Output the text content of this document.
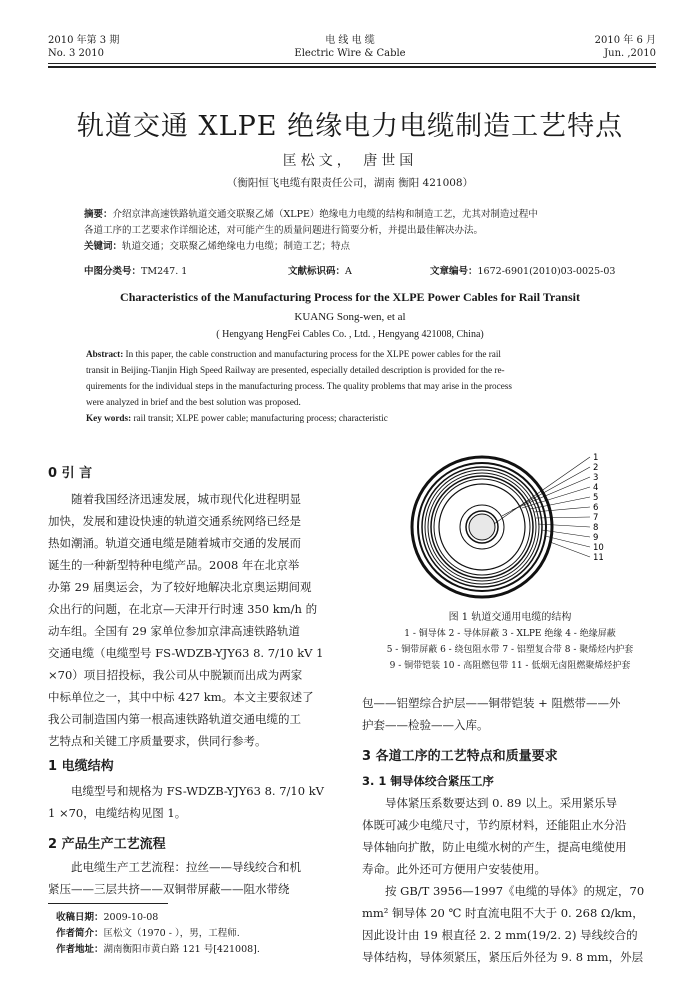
2010 年第 3 期
No. 3 2010
电 线 电 缆
Electric Wire & Cable
2010 年 6 月
Jun. ,2010
轨道交通 XLPE 绝缘电力电缆制造工艺特点
匡松文， 唐世国
（衡阳恒飞电缆有限责任公司，湖南 衡阳 421008）
摘要：介绍京津高速铁路轨道交通交联聚乙烯（XLPE）绝缘电力电缆的结构和制造工艺，尤其对制造过程中
各道工序的工艺要求作详细论述，对可能产生的质量问题进行简要分析，并提出最佳解决办法。
关键词：轨道交通；交联聚乙烯绝缘电力电缆；制造工艺；特点
中图分类号：TM247. 1	文献标识码：A	文章编号：1672-6901(2010)03-0025-03
Characteristics of the Manufacturing Process for the XLPE Power Cables for Rail Transit
KUANG Song-wen, et al
( Hengyang HengFei Cables Co. , Ltd. , Hengyang 421008, China)
Abstract: In this paper, the cable construction and manufacturing process for the XLPE power cables for the rail
transit in Beijing-Tianjin High Speed Railway are presented, especially detailed description is provided for the re-
quirements for the individual steps in the manufacturing process. The quality problems that may arise in the process
were analyzed in brief and the best solution was proposed.
Key words: rail transit; XLPE power cable; manufacturing process; characteristic
0 引 言
随着我国经济迅速发展，城市现代化进程明显
加快，发展和建设快速的轨道交通系统网络已经是
热如潮涌。轨道交通电缆是随着城市交通的发展而
诞生的一种新型特种电缆产品。2008 年在北京举
办第 29 届奥运会，为了较好地解决北京奥运期间观
众出行的问题，在北京—天津开行时速 350 km/h 的
动车组。全国有 29 家单位参加京津高速铁路轨道
交通电缆（电缆型号 FS-WDZB-YJY63 8. 7/10 kV 1
×70）项目招投标，我公司从中脱颖而出成为两家
中标单位之一，其中中标 427 km。本文主要叙述了
我公司制造国内第一根高速铁路轨道交通电缆的工
艺特点和关键工序质量要求，供同行参考。
1 电缆结构
电缆型号和规格为 FS-WDZB-YJY63 8. 7/10 kV
1 ×70，电缆结构见图 1。
2 产品生产工艺流程
此电缆生产工艺流程：拉丝——导线绞合和机
紧压——三层共挤——双铜带屏蔽——阻水带绕
收稿日期：2009-10-08
作者简介：匡松文（1970 - ），男，工程师.
作者地址：湖南衡阳市黄白路 121 号[421008].
1
2
3
4
5
6
7
8
9
10
11
图 1 轨道交通用电缆的结构
1 - 铜导体 2 - 导体屏蔽 3 - XLPE 绝缘 4 - 绝缘屏蔽
5 - 铜带屏蔽 6 - 绕包阻水带 7 - 铝塑复合带 8 - 聚烯烃内护套
9 - 铜带铠装 10 - 高阻燃包带 11 - 低烟无卤阻燃聚烯烃护套
包——铝塑综合护层——铜带铠装 + 阻燃带——外
护套——检验——入库。
3 各道工序的工艺特点和质量要求
3. 1 铜导体绞合紧压工序
导体紧压系数要达到 0. 89 以上。采用紧乐导
体既可减少电缆尺寸，节约原材料，还能阻止水分沿
导体轴向扩散，防止电缆水树的产生，提高电缆使用
寿命。此外还可方便用户安装使用。
按 GB/T 3956—1997《电缆的导体》的规定，70
mm² 铜导体 20 ℃ 时直流电阻不大于 0. 268 Ω/km，
因此设计由 19 根直径 2. 2 mm(19/2. 2) 导线绞合的
导体结构，导体须紧压，紧压后外径为 9. 8 mm，外层
